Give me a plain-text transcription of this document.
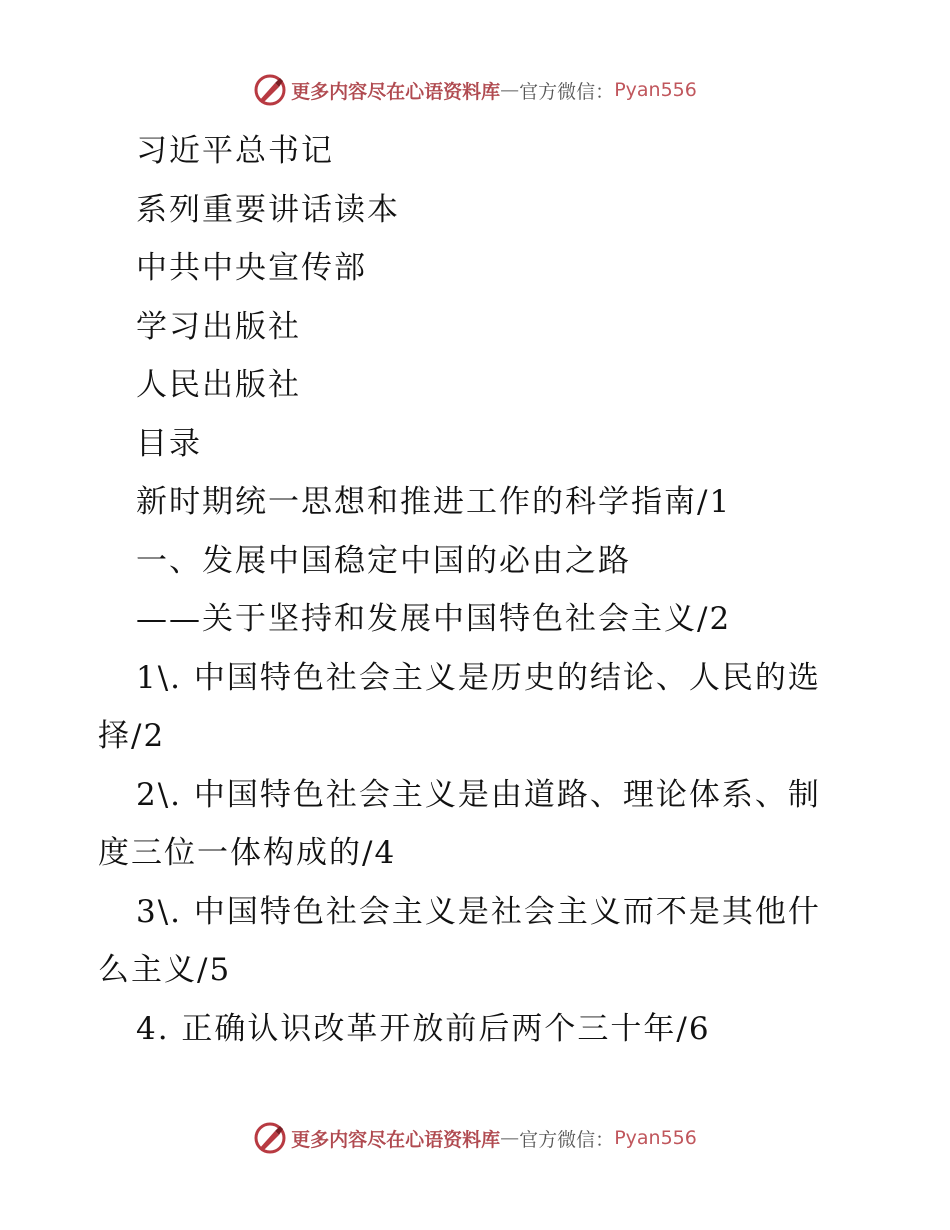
更多内容尽在心语资料库 — 官方微信： Pyan556
习近平总书记
系列重要讲话读本
中共中央宣传部
学习出版社
人民出版社
目录
新时期统一思想和推进工作的科学指南/1
一、发展中国稳定中国的必由之路
——关于坚持和发展中国特色社会主义/2
1\. 中国特色社会主义是历史的结论、人民的选
择/2
2\. 中国特色社会主义是由道路、理论体系、制
度三位一体构成的/4
3\. 中国特色社会主义是社会主义而不是其他什
么主义/5
4. 正确认识改革开放前后两个三十年/6
更多内容尽在心语资料库 — 官方微信： Pyan556
